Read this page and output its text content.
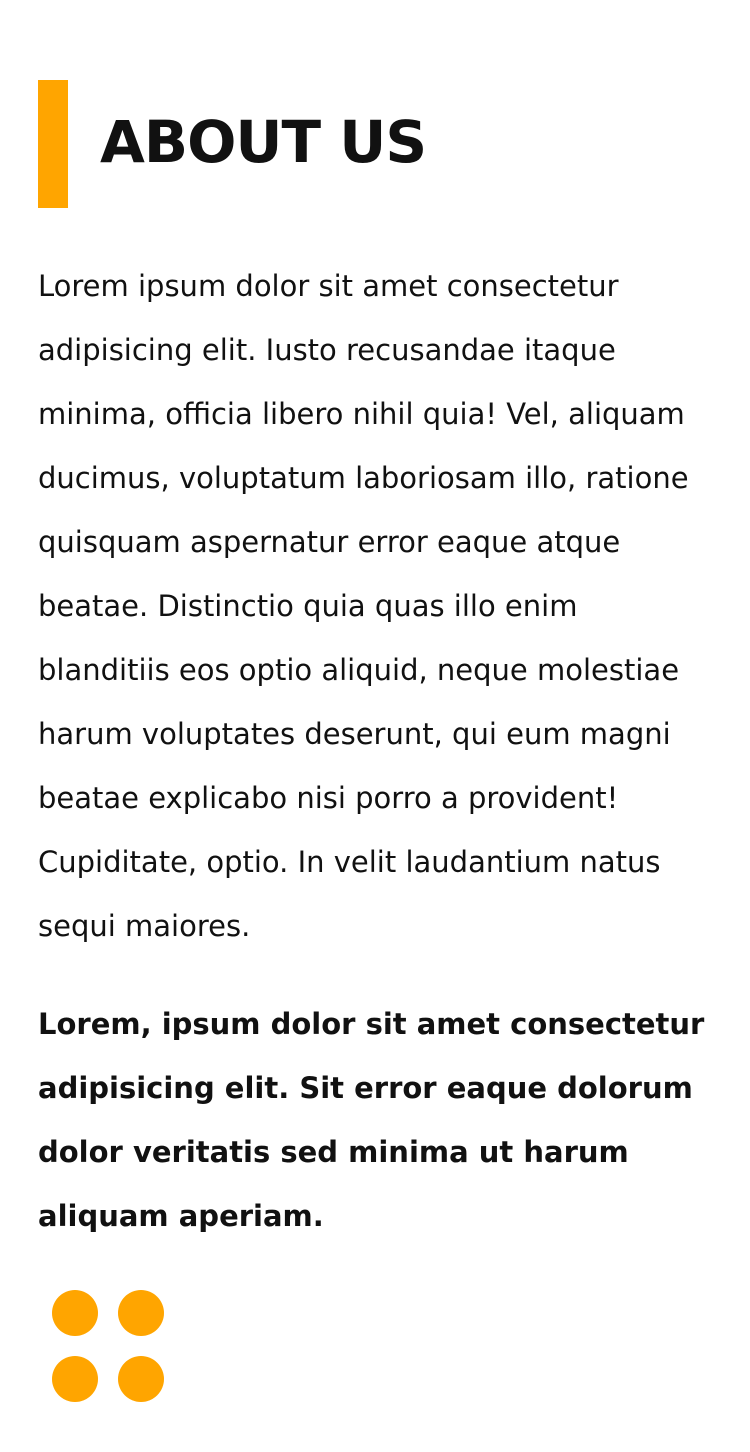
ABOUT US

Lorem ipsum dolor sit amet consectetur adipisicing elit. Iusto recusandae itaque minima, officia libero nihil quia! Vel, aliquam ducimus, voluptatum laboriosam illo, ratione quisquam aspernatur error eaque atque beatae. Distinctio quia quas illo enim blanditiis eos optio aliquid, neque molestiae harum voluptates deserunt, qui eum magni beatae explicabo nisi porro a provident! Cupiditate, optio. In velit laudantium natus sequi maiores.

Lorem, ipsum dolor sit amet consectetur adipisicing elit. Sit error eaque dolorum dolor veritatis sed minima ut harum aliquam aperiam.
